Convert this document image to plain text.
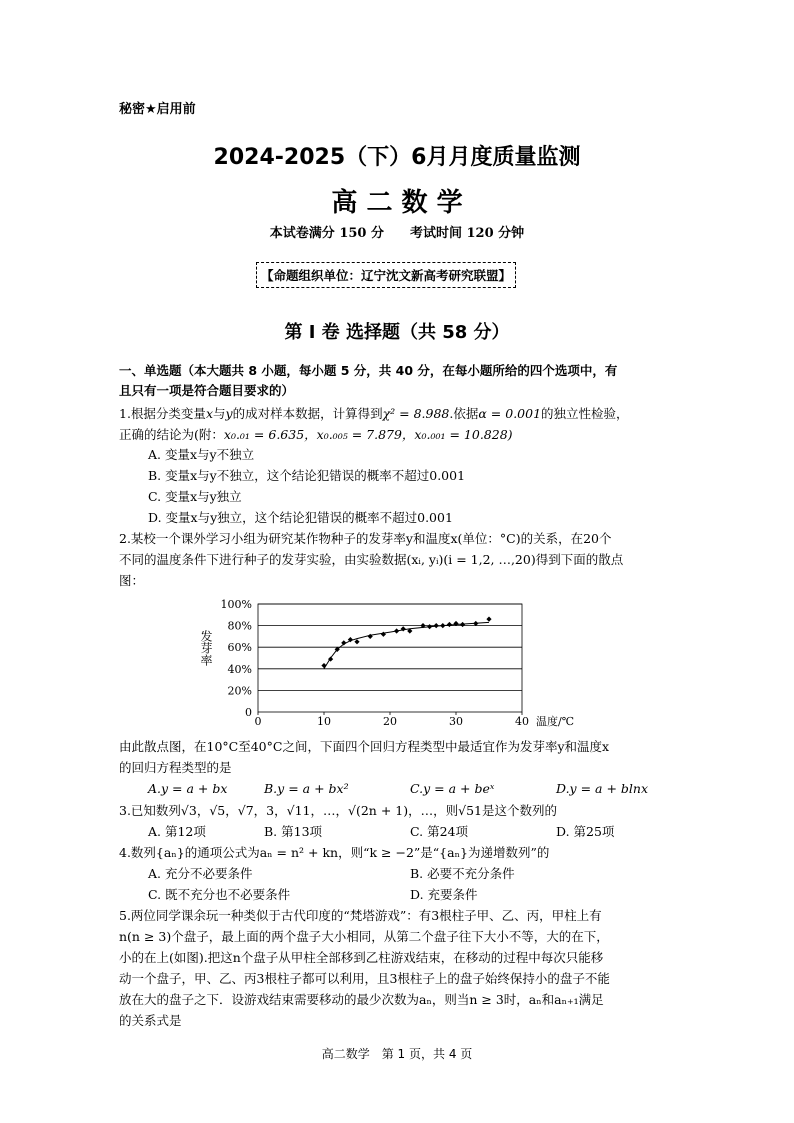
秘密★启用前
2024-2025（下）6月月度质量监测
高 二 数 学
本试卷满分 150 分　　考试时间 120 分钟
【命题组织单位：辽宁沈文新高考研究联盟】
第 I 卷 选择题（共 58 分）
一、单选题（本大题共 8 小题，每小题 5 分，共 40 分，在每小题所给的四个选项中，有
且只有一项是符合题目要求的）
1.根据分类变量x与y的成对样本数据，计算得到χ² = 8.988.依据α = 0.001的独立性检验，
正确的结论为(附：x₀.₀₁ = 6.635，x₀.₀₀₅ = 7.879，x₀.₀₀₁ = 10.828)
A. 变量x与y不独立
B. 变量x与y不独立，这个结论犯错误的概率不超过0.001
C. 变量x与y独立
D. 变量x与y独立，这个结论犯错误的概率不超过0.001
2.某校一个课外学习小组为研究某作物种子的发芽率y和温度x(单位：°C)的关系，在20个
不同的温度条件下进行种子的发芽实验，由实验数据(xᵢ, yᵢ)(i = 1,2, …,20)得到下面的散点
图：
0
20%
40%
60%
80%
100%
0	10	20	30	40
发芽率
温度/℃
由此散点图，在10°C至40°C之间，下面四个回归方程类型中最适宜作为发芽率y和温度x
的回归方程类型的是
A.y = a + bx	B.y = a + bx²	C.y = a + beˣ	D.y = a + blnx
3.已知数列√3，√5，√7，3，√11，…，√(2n + 1)，…，则√51是这个数列的
A. 第12项	B. 第13项	C. 第24项	D. 第25项
4.数列{aₙ}的通项公式为aₙ = n² + kn，则“k ≥ −2”是“{aₙ}为递增数列”的
A. 充分不必要条件	B. 必要不充分条件
C. 既不充分也不必要条件	D. 充要条件
5.两位同学课余玩一种类似于古代印度的“梵塔游戏”：有3根柱子甲、乙、丙，甲柱上有
n(n ≥ 3)个盘子，最上面的两个盘子大小相同，从第二个盘子往下大小不等，大的在下，
小的在上(如图).把这n个盘子从甲柱全部移到乙柱游戏结束，在移动的过程中每次只能移
动一个盘子，甲、乙、丙3根柱子都可以利用，且3根柱子上的盘子始终保持小的盘子不能
放在大的盘子之下．设游戏结束需要移动的最少次数为aₙ，则当n ≥ 3时，aₙ和aₙ₊₁满足
的关系式是
高二数学　第 1 页，共 4 页
